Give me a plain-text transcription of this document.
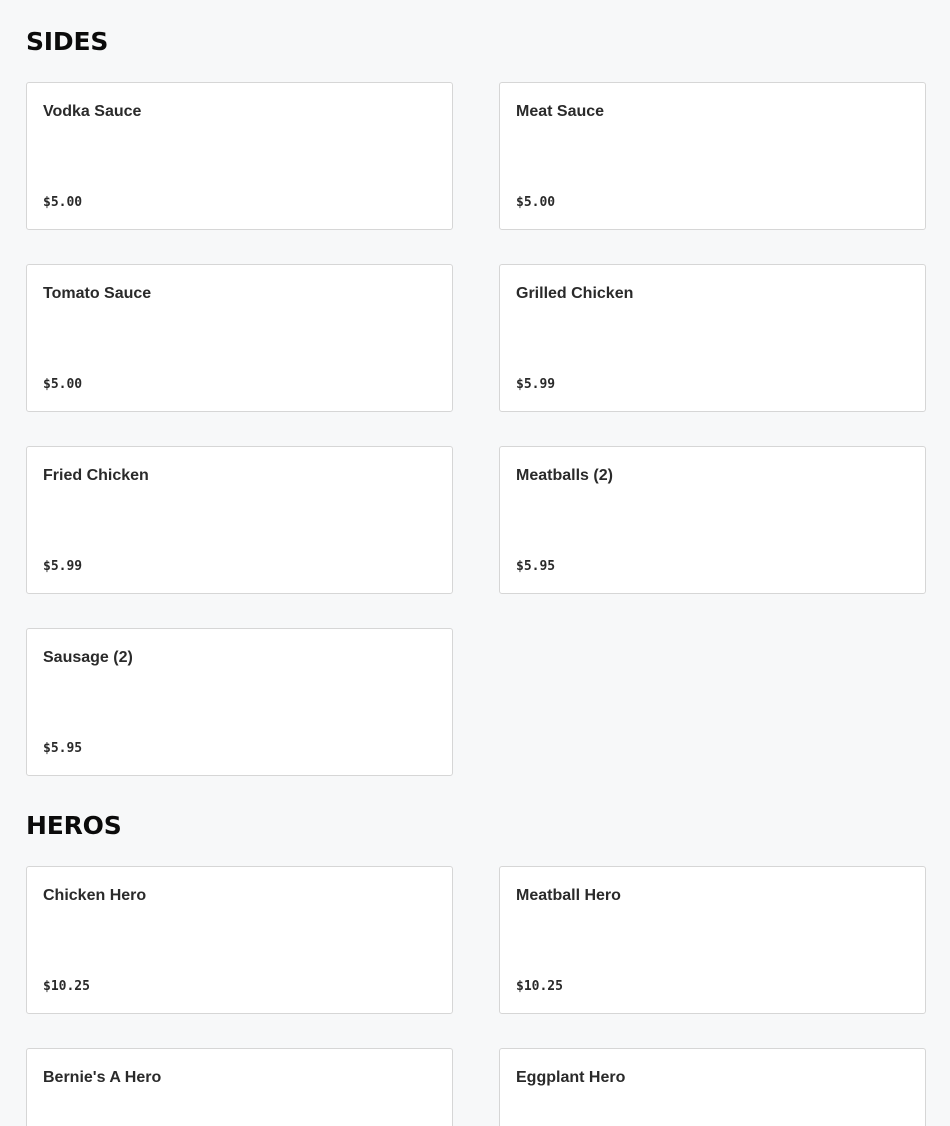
SIDES
Vodka Sauce
$5.00
Meat Sauce
$5.00
Tomato Sauce
$5.00
Grilled Chicken
$5.99
Fried Chicken
$5.99
Meatballs (2)
$5.95
Sausage (2)
$5.95
HEROS
Chicken Hero
$10.25
Meatball Hero
$10.25
Bernie's A Hero	Eggplant Hero
